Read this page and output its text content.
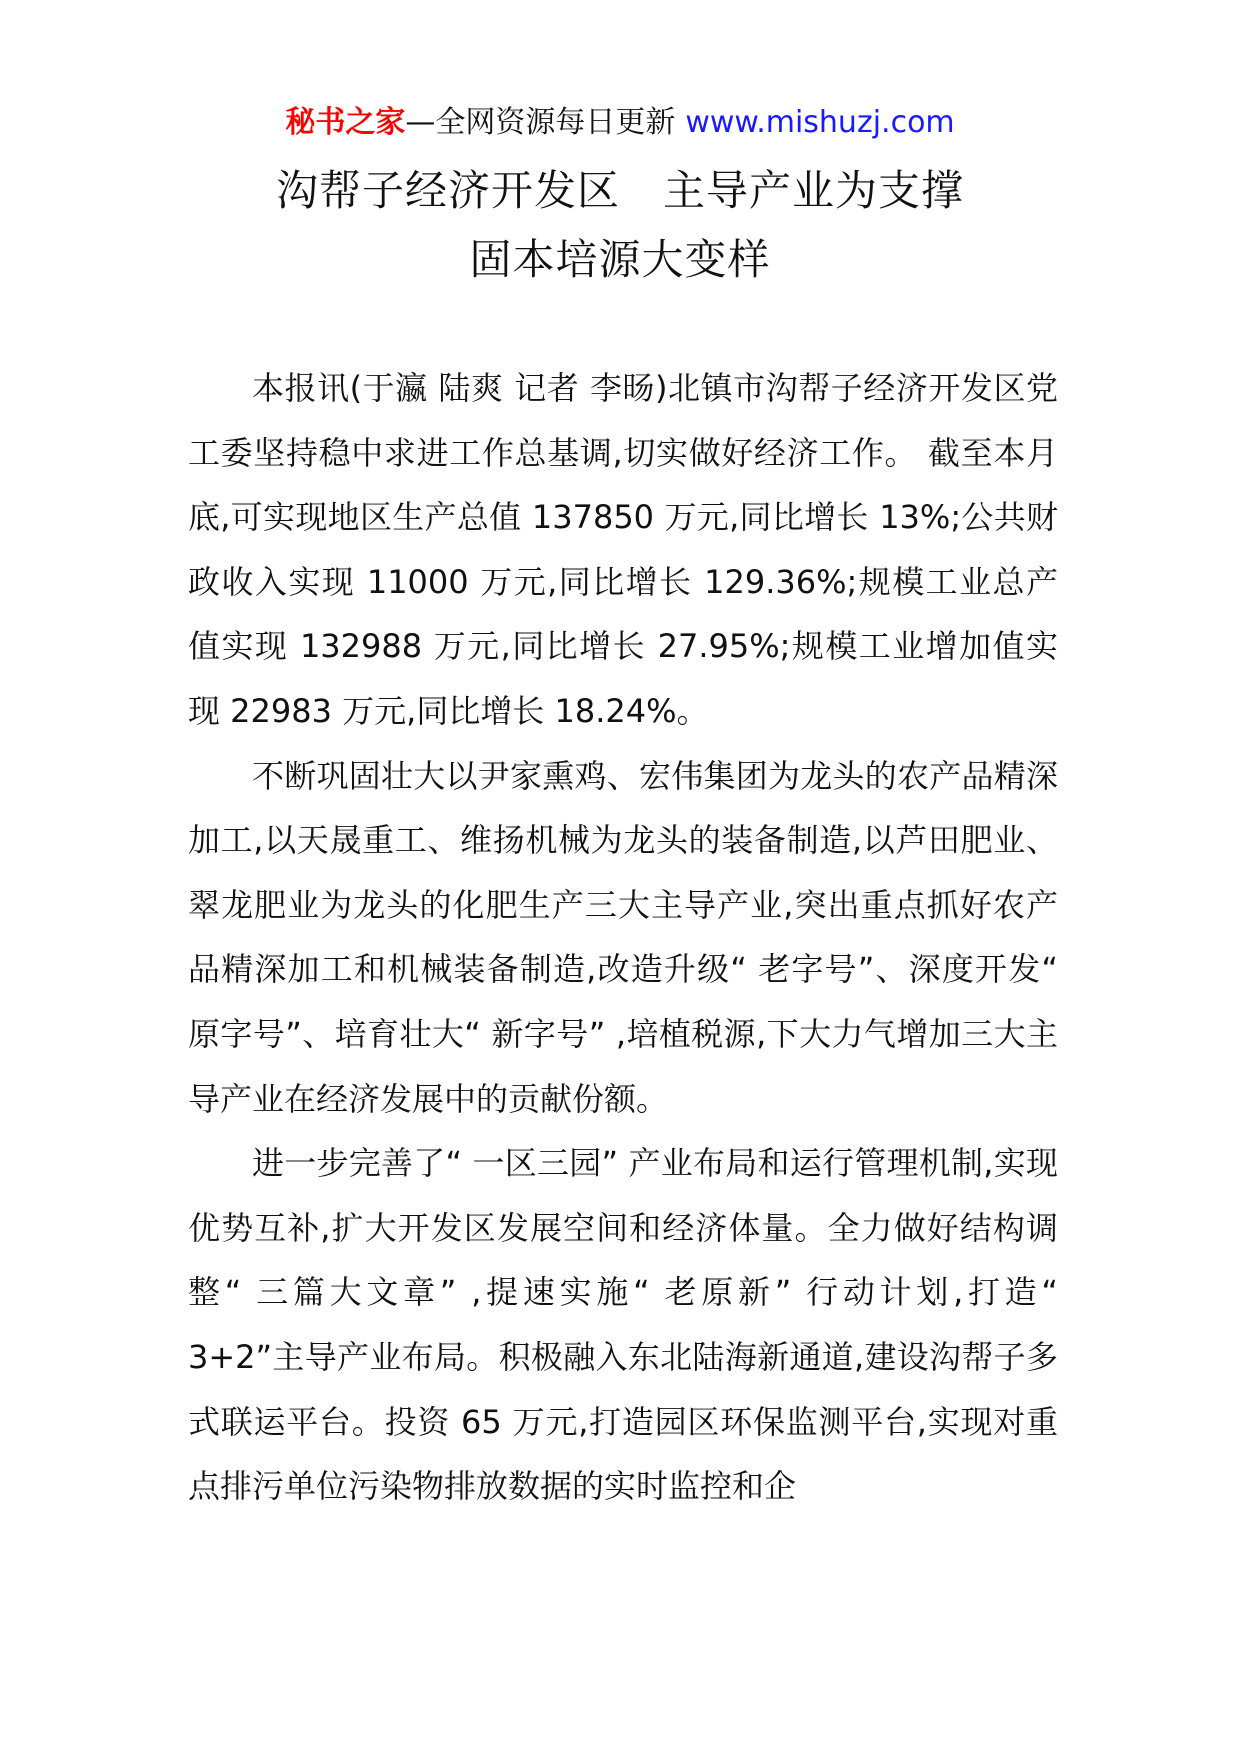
秘书之家—全网资源每日更新 www.mishuzj.com
沟帮子经济开发区　主导产业为支撑
固本培源大变样

本报讯(于瀛 陆爽 记者 李旸)北镇市沟帮子经济开发区党工委坚持稳中求进工作总基调,切实做好经济工作。 截至本月底,可实现地区生产总值 137850 万元,同比增长 13%;公共财政收入实现 11000 万元,同比增长 129.36%;规模工业总产值实现 132988 万元,同比增长 27.95%;规模工业增加值实现 22983 万元,同比增长 18.24%。

不断巩固壮大以尹家熏鸡、宏伟集团为龙头的农产品精深加工,以天晟重工、维扬机械为龙头的装备制造,以芦田肥业、翠龙肥业为龙头的化肥生产三大主导产业,突出重点抓好农产品精深加工和机械装备制造,改造升级“ 老字号”、深度开发“ 原字号”、培育壮大“ 新字号” ,培植税源,下大力气增加三大主导产业在经济发展中的贡献份额。

进一步完善了“ 一区三园” 产业布局和运行管理机制,实现优势互补,扩大开发区发展空间和经济体量。全力做好结构调整“ 三篇大文章” ,提速实施“ 老原新” 行动计划,打造“ 3+2”主导产业布局。积极融入东北陆海新通道,建设沟帮子多式联运平台。投资 65 万元,打造园区环保监测平台,实现对重点排污单位污染物排放数据的实时监控和企
